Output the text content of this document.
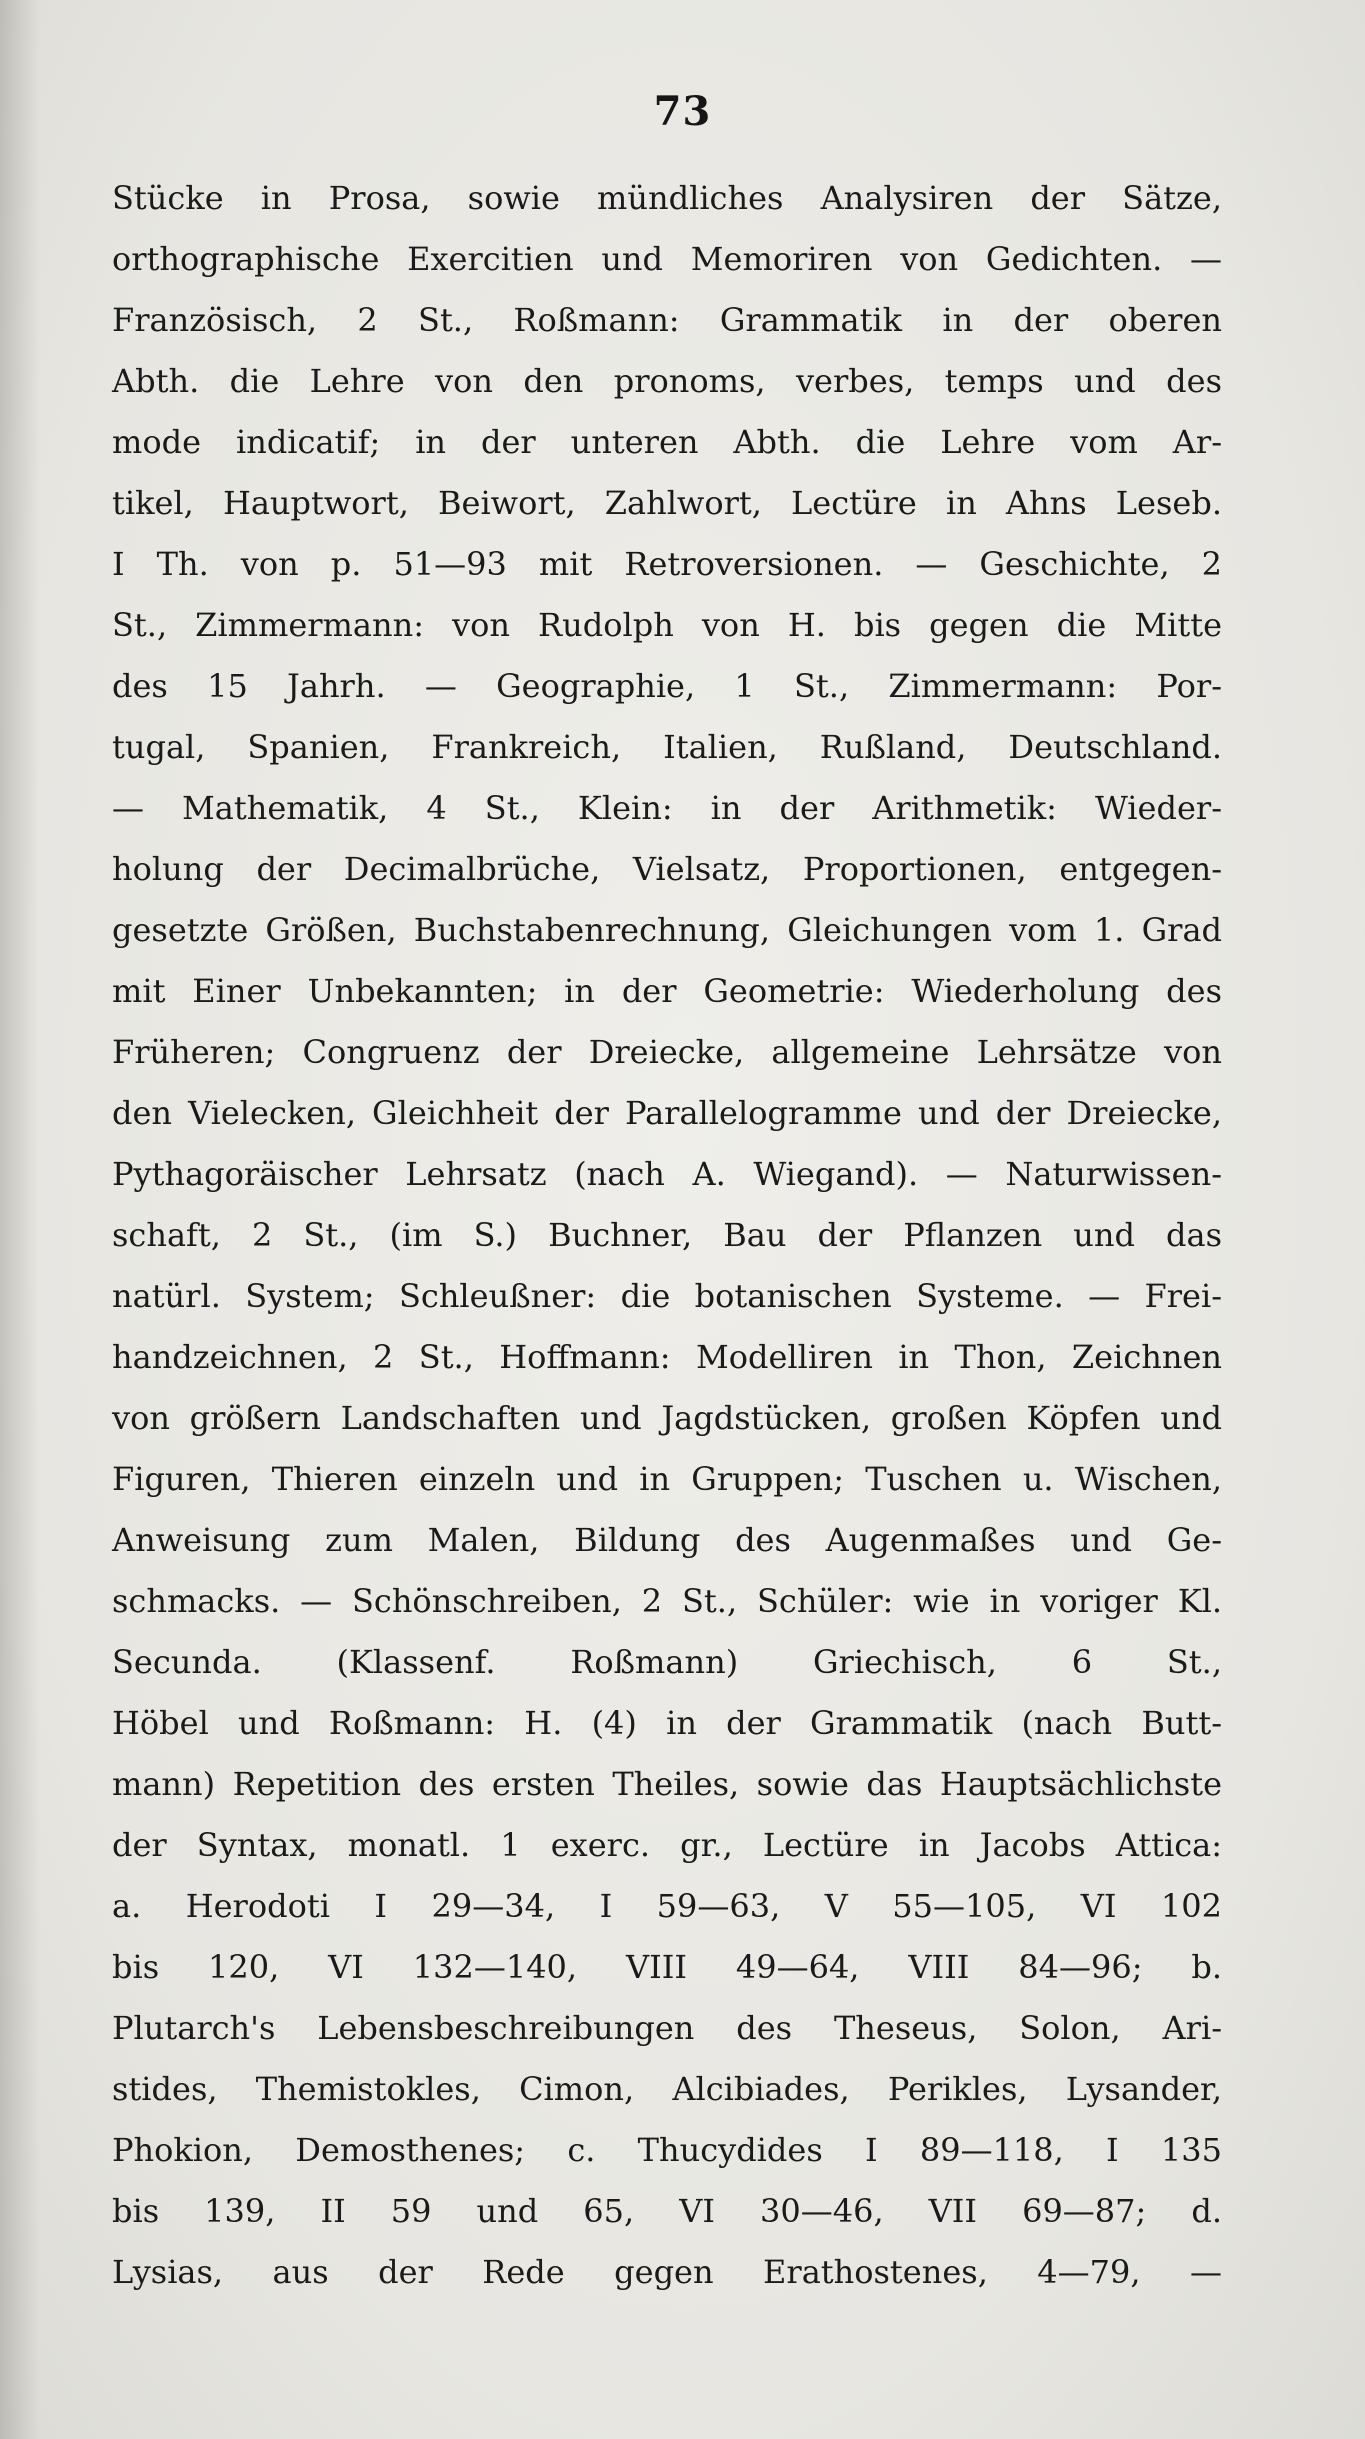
73
Stücke in Prosa, sowie mündliches Analysiren der Sätze,
orthographische Exercitien und Memoriren von Gedichten. —
Französisch, 2 St., Roßmann: Grammatik in der oberen
Abth. die Lehre von den pronoms, verbes, temps und des
mode indicatif; in der unteren Abth. die Lehre vom Ar-
tikel, Hauptwort, Beiwort, Zahlwort, Lectüre in Ahns Leseb.
I Th. von p. 51—93 mit Retroversionen. — Geschichte, 2
St., Zimmermann: von Rudolph von H. bis gegen die Mitte
des 15 Jahrh. — Geographie, 1 St., Zimmermann: Por-
tugal, Spanien, Frankreich, Italien, Rußland, Deutschland.
— Mathematik, 4 St., Klein: in der Arithmetik: Wieder-
holung der Decimalbrüche, Vielsatz, Proportionen, entgegen-
gesetzte Größen, Buchstabenrechnung, Gleichungen vom 1. Grad
mit Einer Unbekannten; in der Geometrie: Wiederholung des
Früheren; Congruenz der Dreiecke, allgemeine Lehrsätze von
den Vielecken, Gleichheit der Parallelogramme und der Dreiecke,
Pythagoräischer Lehrsatz (nach A. Wiegand). — Naturwissen-
schaft, 2 St., (im S.) Buchner, Bau der Pflanzen und das
natürl. System; Schleußner: die botanischen Systeme. — Frei-
handzeichnen, 2 St., Hoffmann: Modelliren in Thon, Zeichnen
von größern Landschaften und Jagdstücken, großen Köpfen und
Figuren, Thieren einzeln und in Gruppen; Tuschen u. Wischen,
Anweisung zum Malen, Bildung des Augenmaßes und Ge-
schmacks. — Schönschreiben, 2 St., Schüler: wie in voriger Kl.
Secunda. (Klassenf. Roßmann) Griechisch, 6 St.,
Höbel und Roßmann: H. (4) in der Grammatik (nach Butt-
mann) Repetition des ersten Theiles, sowie das Hauptsächlichste
der Syntax, monatl. 1 exerc. gr., Lectüre in Jacobs Attica:
a. Herodoti I 29—34, I 59—63, V 55—105, VI 102
bis 120, VI 132—140, VIII 49—64, VIII 84—96; b.
Plutarch's Lebensbeschreibungen des Theseus, Solon, Ari-
stides, Themistokles, Cimon, Alcibiades, Perikles, Lysander,
Phokion, Demosthenes; c. Thucydides I 89—118, I 135
bis 139, II 59 und 65, VI 30—46, VII 69—87; d.
Lysias, aus der Rede gegen Erathostenes, 4—79, —
